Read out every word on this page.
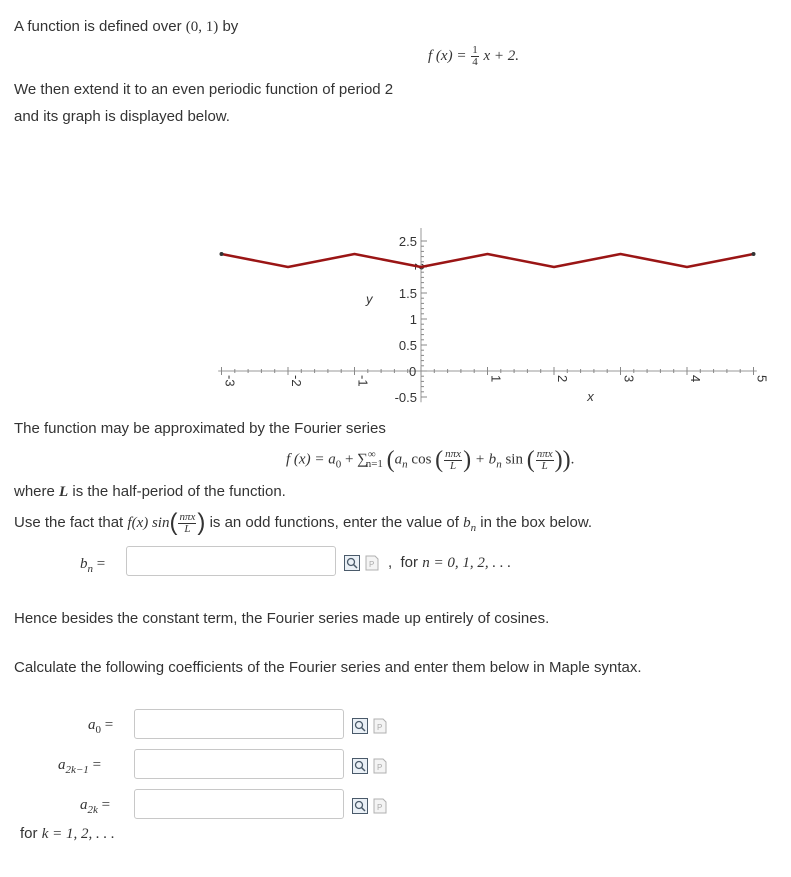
A function is defined over (0, 1) by
f $(x) = \frac{1}{4}$ x + 2.
We then extend it to an even periodic function of period 2
and its graph is displayed below.
-3	-2	-1
0	1	2	3	4	5
2.5
2
1.5
1
0.5
-0.5
y
x
The function may be approximated by the Fourier series
f $(x) = a_0 + \sum^\infty_{n=1}$ ($a_n$ cos ( $\frac{\text{nπx}}{L}$ ) + $b_n$ sin ( $\frac{\text{nπx}}{L}$ )).
where L is the half-period of the function.
Use the fact that f(x) $\sin( \frac{\text{nπx}}{L}$ ) is an odd functions, enter the value of $b_n$ in the box below.
$b_n$ =	P , for n = 0, 1, 2, . . .
Hence besides the constant term, the Fourier series made up entirely of cosines.
Calculate the following coefficients of the Fourier series and enter them below in Maple syntax.
$a_0$ =	P
$a_{2k-1}$ =	P
$a_{2k}$ =	P
for k = 1, 2, . . .
